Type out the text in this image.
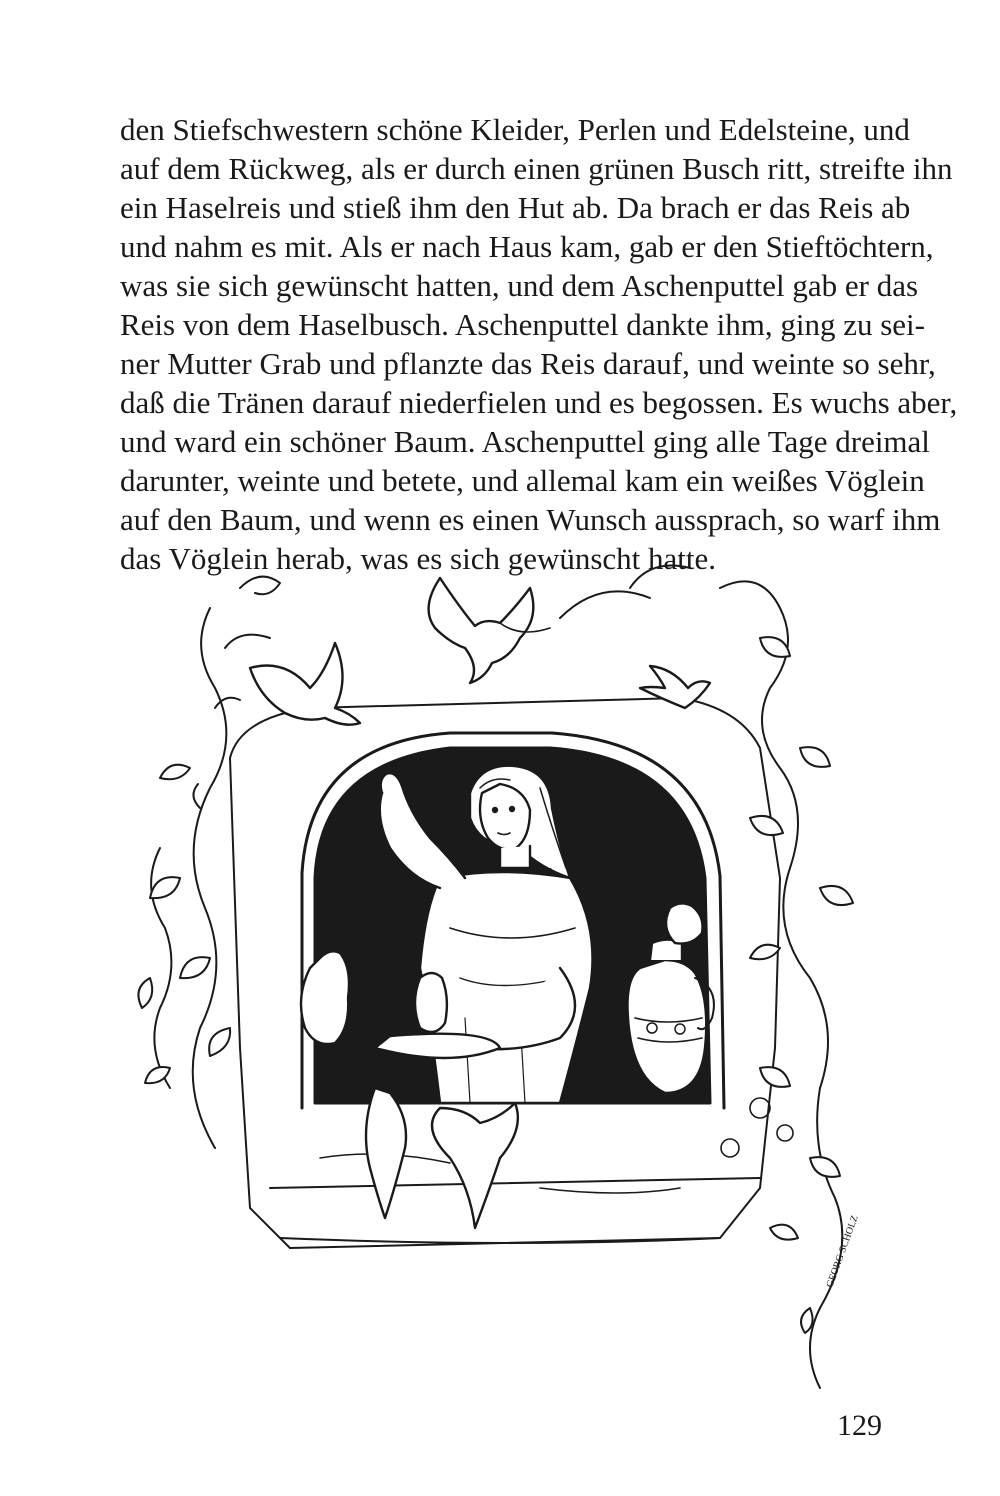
den Stiefschwestern schöne Kleider, Perlen und Edelsteine, und
auf dem Rückweg, als er durch einen grünen Busch ritt, streifte ihn
ein Haselreis und stieß ihm den Hut ab. Da brach er das Reis ab
und nahm es mit. Als er nach Haus kam, gab er den Stieftöchtern,
was sie sich gewünscht hatten, und dem Aschenputtel gab er das
Reis von dem Haselbusch. Aschenputtel dankte ihm, ging zu sei-
ner Mutter Grab und pflanzte das Reis darauf, und weinte so sehr,
daß die Tränen darauf niederfielen und es begossen. Es wuchs aber,
und ward ein schöner Baum. Aschenputtel ging alle Tage dreimal
darunter, weinte und betete, und allemal kam ein weißes Vöglein
auf den Baum, und wenn es einen Wunsch aussprach, so warf ihm
das Vöglein herab, was es sich gewünscht hatte.

GEORG SCHOLZ
129
